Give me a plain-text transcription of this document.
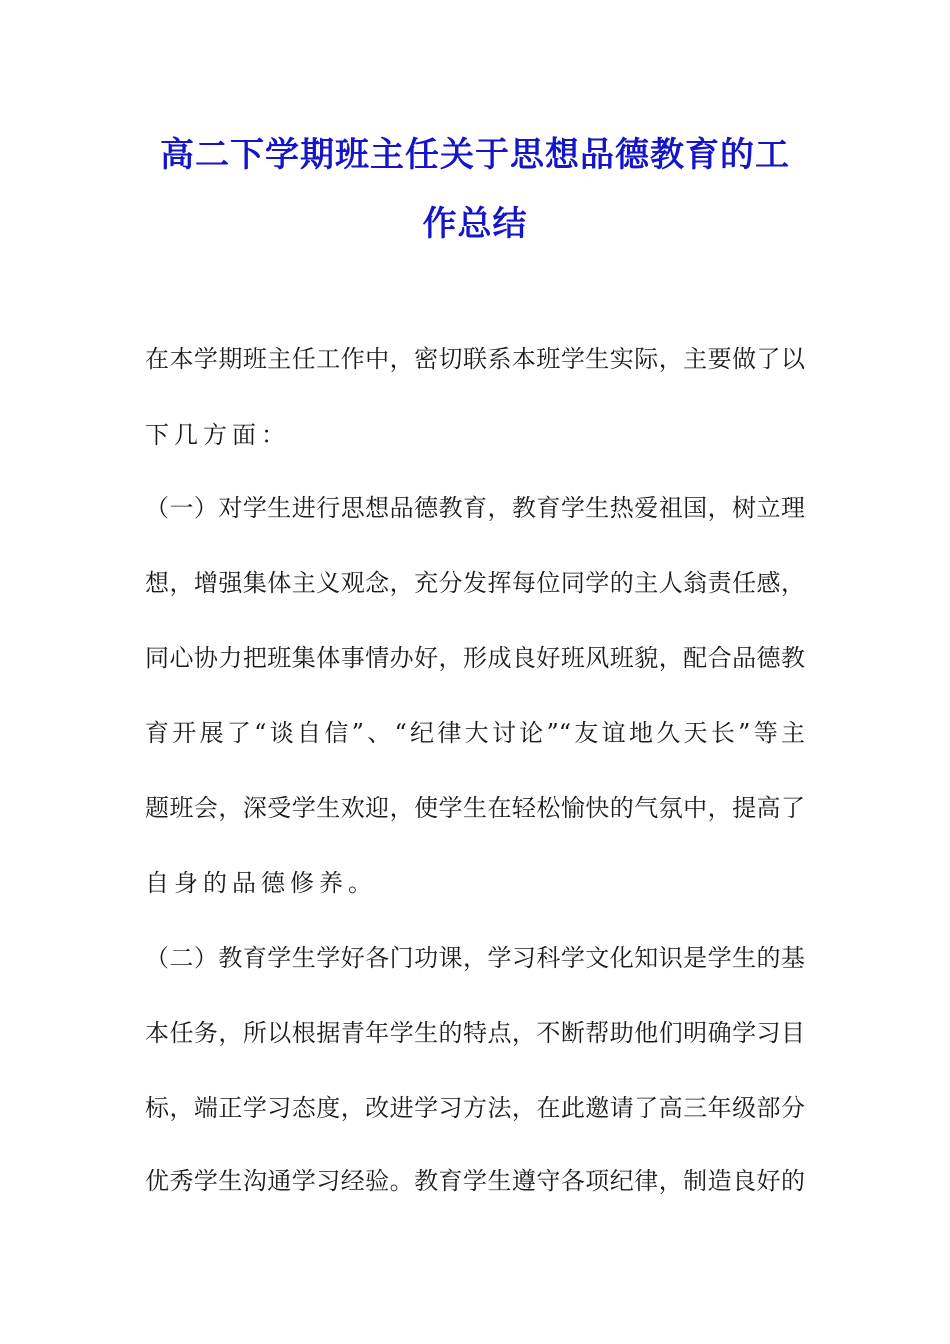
高二下学期班主任关于思想品德教育的工
作总结

在本学期班主任工作中，密切联系本班学生实际，主要做了以

下几方面：

（一）对学生进行思想品德教育，教育学生热爱祖国，树立理

想，增强集体主义观念，充分发挥每位同学的主人翁责任感，

同心协力把班集体事情办好，形成良好班风班貌，配合品德教

育开展了“谈自信”、“纪律大讨论”“友谊地久天长”等主

题班会，深受学生欢迎，使学生在轻松愉快的气氛中，提高了

自身的品德修养。

（二）教育学生学好各门功课，学习科学文化知识是学生的基

本任务，所以根据青年学生的特点，不断帮助他们明确学习目

标，端正学习态度，改进学习方法，在此邀请了高三年级部分

优秀学生沟通学习经验。教育学生遵守各项纪律，制造良好的
